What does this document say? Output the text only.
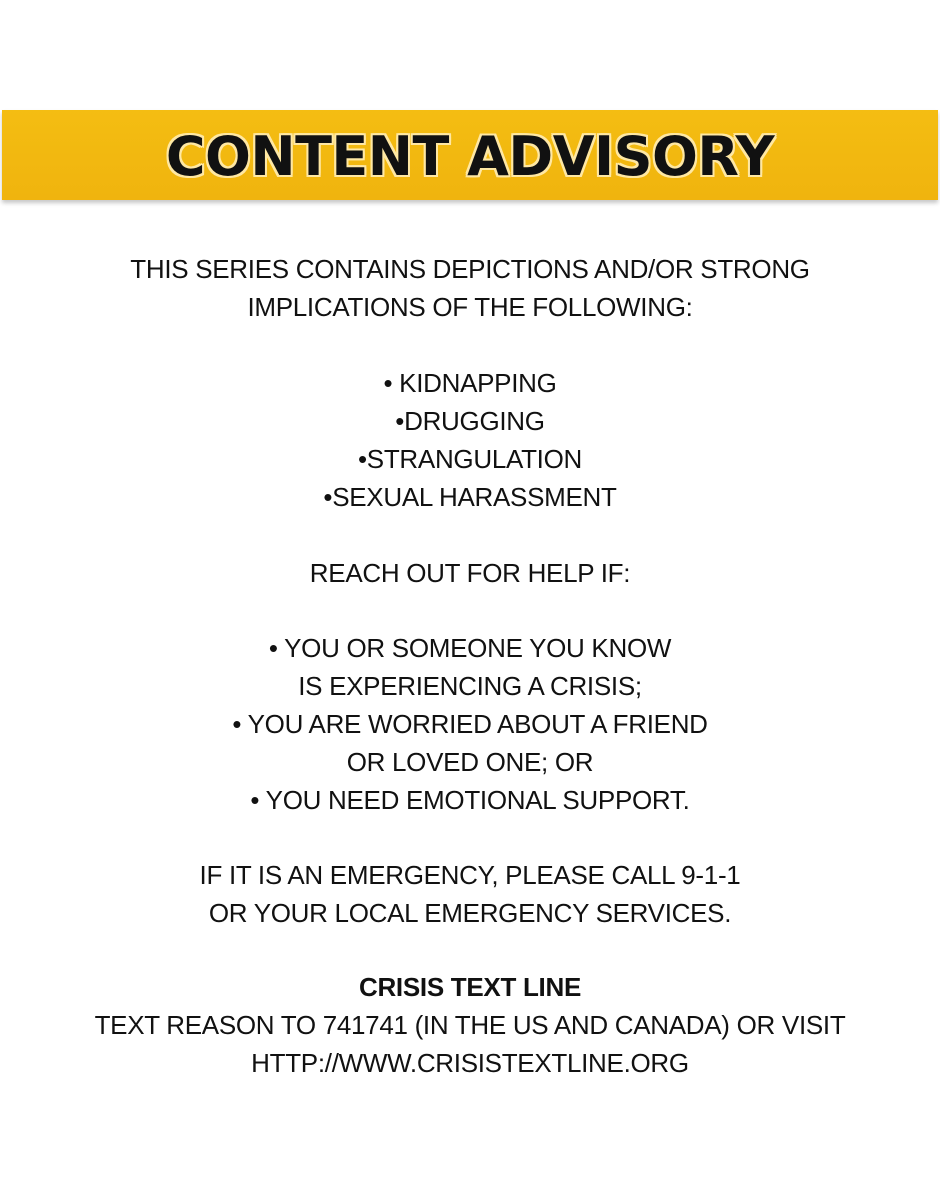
CONTENT ADVISORY
THIS SERIES CONTAINS DEPICTIONS AND/OR STRONG
IMPLICATIONS OF THE FOLLOWING:
• KIDNAPPING
•DRUGGING
•STRANGULATION
•SEXUAL HARASSMENT
REACH OUT FOR HELP IF:
• YOU OR SOMEONE YOU KNOW
IS EXPERIENCING A CRISIS;
• YOU ARE WORRIED ABOUT A FRIEND
OR LOVED ONE; OR
• YOU NEED EMOTIONAL SUPPORT.
IF IT IS AN EMERGENCY, PLEASE CALL 9-1-1
OR YOUR LOCAL EMERGENCY SERVICES.
CRISIS TEXT LINE
TEXT REASON TO 741741 (IN THE US AND CANADA) OR VISIT
HTTP://WWW.CRISISTEXTLINE.ORG
